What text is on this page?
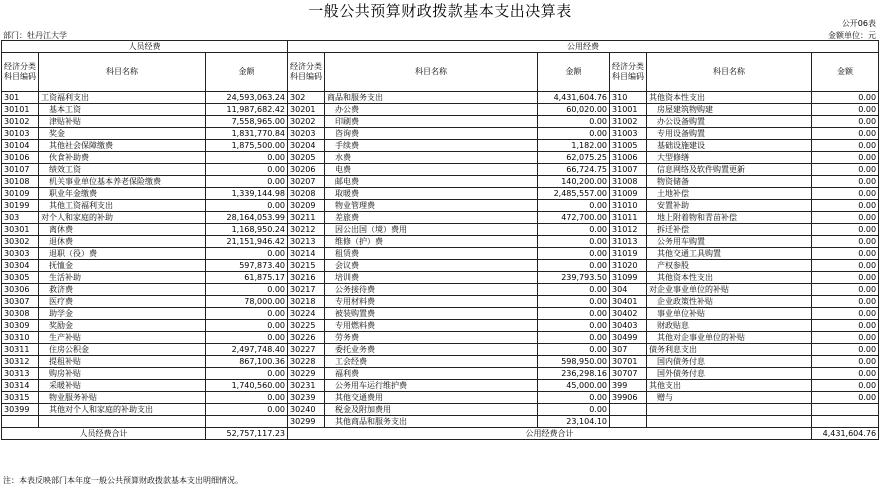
一般公共预算财政拨款基本支出决算表
公开06表
部门：牡丹江大学	金额单位：元
人员经费			公用经费					
经济分类科目编码	科目名称	金额	经济分类科目编码	科目名称	金额	经济分类科目编码	科目名称	金额
301	工资福利支出	24,593,063.24	302	商品和服务支出	4,431,604.76	310	其他资本性支出	0.00
30101	基本工资	11,987,682.42	30201	办公费	60,020.00	31001	房屋建筑物购建	0.00
30102	津贴补贴	7,558,965.00	30202	印刷费	0.00	31002	办公设备购置	0.00
30103	奖金	1,831,770.84	30203	咨询费	0.00	31003	专用设备购置	0.00
30104	其他社会保障缴费	1,875,500.00	30204	手续费	1,182.00	31005	基础设施建设	0.00
30106	伙食补助费	0.00	30205	水费	62,075.25	31006	大型修缮	0.00
30107	绩效工资	0.00	30206	电费	66,724.75	31007	信息网络及软件购置更新	0.00
30108	机关事业单位基本养老保险缴费	0.00	30207	邮电费	140,200.00	31008	物资储备	0.00
30109	职业年金缴费	1,339,144.98	30208	取暖费	2,485,557.00	31009	土地补偿	0.00
30199	其他工资福利支出	0.00	30209	物业管理费	0.00	31010	安置补助	0.00
303	对个人和家庭的补助	28,164,053.99	30211	差旅费	472,700.00	31011	地上附着物和青苗补偿	0.00
30301	离休费	1,168,950.24	30212	因公出国（境）费用	0.00	31012	拆迁补偿	0.00
30302	退休费	21,151,946.42	30213	维修（护）费	0.00	31013	公务用车购置	0.00
30303	退职（役）费	0.00	30214	租赁费	0.00	31019	其他交通工具购置	0.00
30304	抚恤金	597,873.40	30215	会议费	0.00	31020	产权参股	0.00
30305	生活补助	61,875.17	30216	培训费	239,793.50	31099	其他资本性支出	0.00
30306	救济费	0.00	30217	公务接待费	0.00	304	对企业事业单位的补贴	0.00
30307	医疗费	78,000.00	30218	专用材料费	0.00	30401	企业政策性补贴	0.00
30308	助学金	0.00	30224	被装购置费	0.00	30402	事业单位补贴	0.00
30309	奖励金	0.00	30225	专用燃料费	0.00	30403	财政贴息	0.00
30310	生产补贴	0.00	30226	劳务费	0.00	30499	其他对企事业单位的补贴	0.00
30311	住房公积金	2,497,748.40	30227	委托业务费	0.00	307	债务利息支出	0.00
30312	提租补贴	867,100.36	30228	工会经费	598,950.00	30701	国内债务付息	0.00
30313	购房补贴	0.00	30229	福利费	236,298.16	30707	国外债务付息	0.00
30314	采暖补贴	1,740,560.00	30231	公务用车运行维护费	45,000.00	399	其他支出	0.00
30315	物业服务补贴	0.00	30239	其他交通费用	0.00	39906	赠与	0.00
30399	其他对个人和家庭的补助支出	0.00	30240	税金及附加费用	0.00			
			30299	其他商品和服务支出	23,104.10			
人员经费合计		52,757,117.23	公用经费合计					4,431,604.76
注：本表反映部门本年度一般公共预算财政拨款基本支出明细情况。
